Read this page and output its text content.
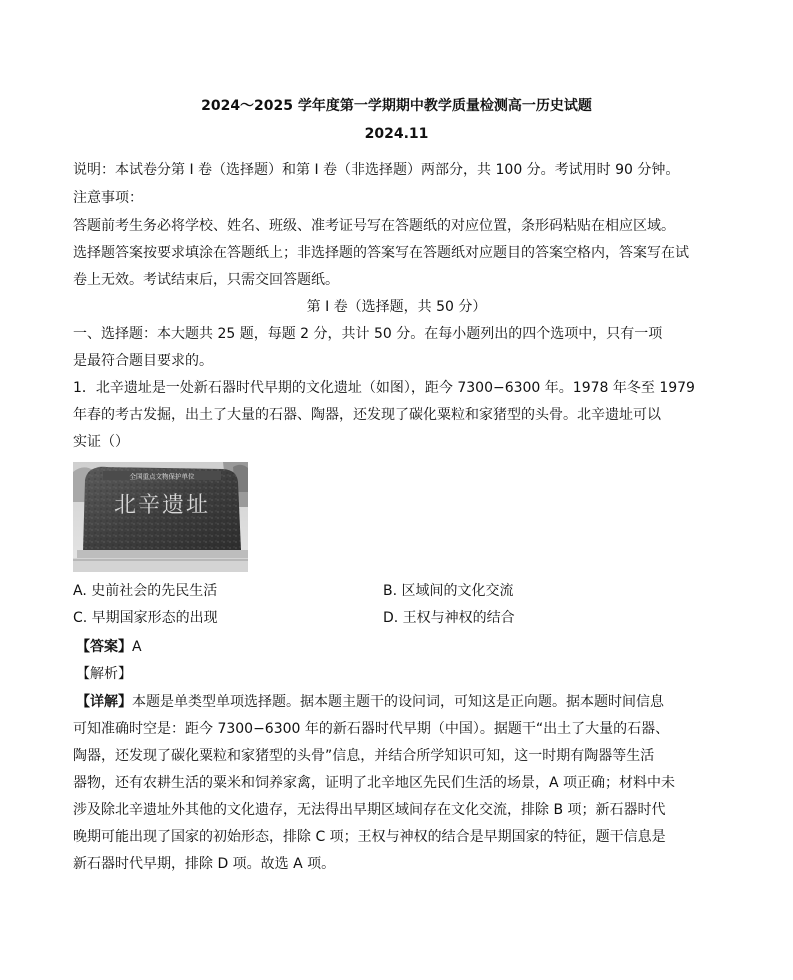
2024～2025 学年度第一学期期中教学质量检测高一历史试题
2024.11
说明：本试卷分第 I 卷（选择题）和第 I 卷（非选择题）两部分，共 100 分。考试用时 90 分钟。
注意事项：
答题前考生务必将学校、姓名、班级、准考证号写在答题纸的对应位置，条形码粘贴在相应区域。
选择题答案按要求填涂在答题纸上；非选择题的答案写在答题纸对应题目的答案空格内，答案写在试
卷上无效。考试结束后，只需交回答题纸。
第 I 卷（选择题，共 50 分）
一、选择题：本大题共 25 题，每题 2 分，共计 50 分。在每小题列出的四个选项中，只有一项
是最符合题目要求的。
1．北辛遗址是一处新石器时代早期的文化遗址（如图），距今 7300−6300 年。1978 年冬至 1979
年春的考古发掘，出土了大量的石器、陶器，还发现了碳化粟粒和家猪型的头骨。北辛遗址可以
实证（）
全国重点文物保护单位
北辛遗址
A. 史前社会的先民生活	B. 区域间的文化交流
C. 早期国家形态的出现	D. 王权与神权的结合
【答案】A
【解析】
【详解】本题是单类型单项选择题。据本题主题干的设问词，可知这是正向题。据本题时间信息
可知准确时空是：距今 7300−6300 年的新石器时代早期（中国）。据题干“出土了大量的石器、
陶器，还发现了碳化粟粒和家猪型的头骨”信息，并结合所学知识可知，这一时期有陶器等生活
器物，还有农耕生活的粟米和饲养家禽，证明了北辛地区先民们生活的场景，A 项正确；材料中未
涉及除北辛遗址外其他的文化遗存，无法得出早期区域间存在文化交流，排除 B 项；新石器时代
晚期可能出现了国家的初始形态，排除 C 项；王权与神权的结合是早期国家的特征，题干信息是
新石器时代早期，排除 D 项。故选 A 项。
